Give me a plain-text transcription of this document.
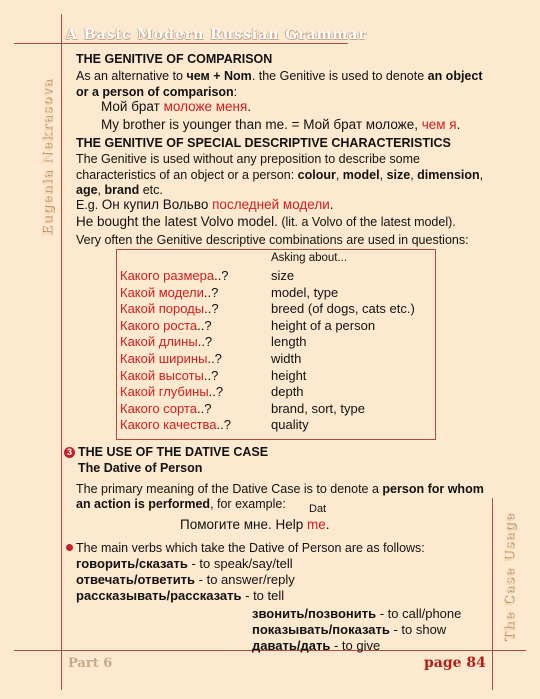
A Basic Modern Russian Grammar
Eugenia Nekrasova
The Case Usage
Part 6	page 84
THE GENITIVE OF COMPARISON
As an alternative to чем + Nom. the Genitive is used to denote an object
or a person of comparison:
Мой брат моложе меня.
My brother is younger than me. = Мой брат моложе, чем я.
THE GENITIVE OF SPECIAL DESCRIPTIVE CHARACTERISTICS
The Genitive is used without any preposition to describe some
characteristics of an object or a person: colour, model, size, dimension,
age, brand etc.
E.g. Он купил Вольво последней модели.
He bought the latest Volvo model. (lit. a Volvo of the latest model).
Very often the Genitive descriptive combinations are used in questions:
Asking about...
Какого размера..?	size
Какой модели..?	model, type
Какой породы..?	breed (of dogs, cats etc.)
Какого роста..?	height of a person
Какой длины..?	length
Какой ширины..?	width
Какой высоты..?	height
Какой глубины..?	depth
Какого сорта..?	brand, sort, type
Какого качества..?	quality
3 THE USE OF THE DATIVE CASE
The Dative of Person
The primary meaning of the Dative Case is to denote a person for whom
an action is performed, for example: Dat
Помогите мне. Help me.
The main verbs which take the Dative of Person are as follows:
говорить/сказать - to speak/say/tell
отвечать/ответить - to answer/reply
рассказывать/рассказать - to tell
звонить/позвонить - to call/phone
показывать/показать - to show
давать/дать - to give
